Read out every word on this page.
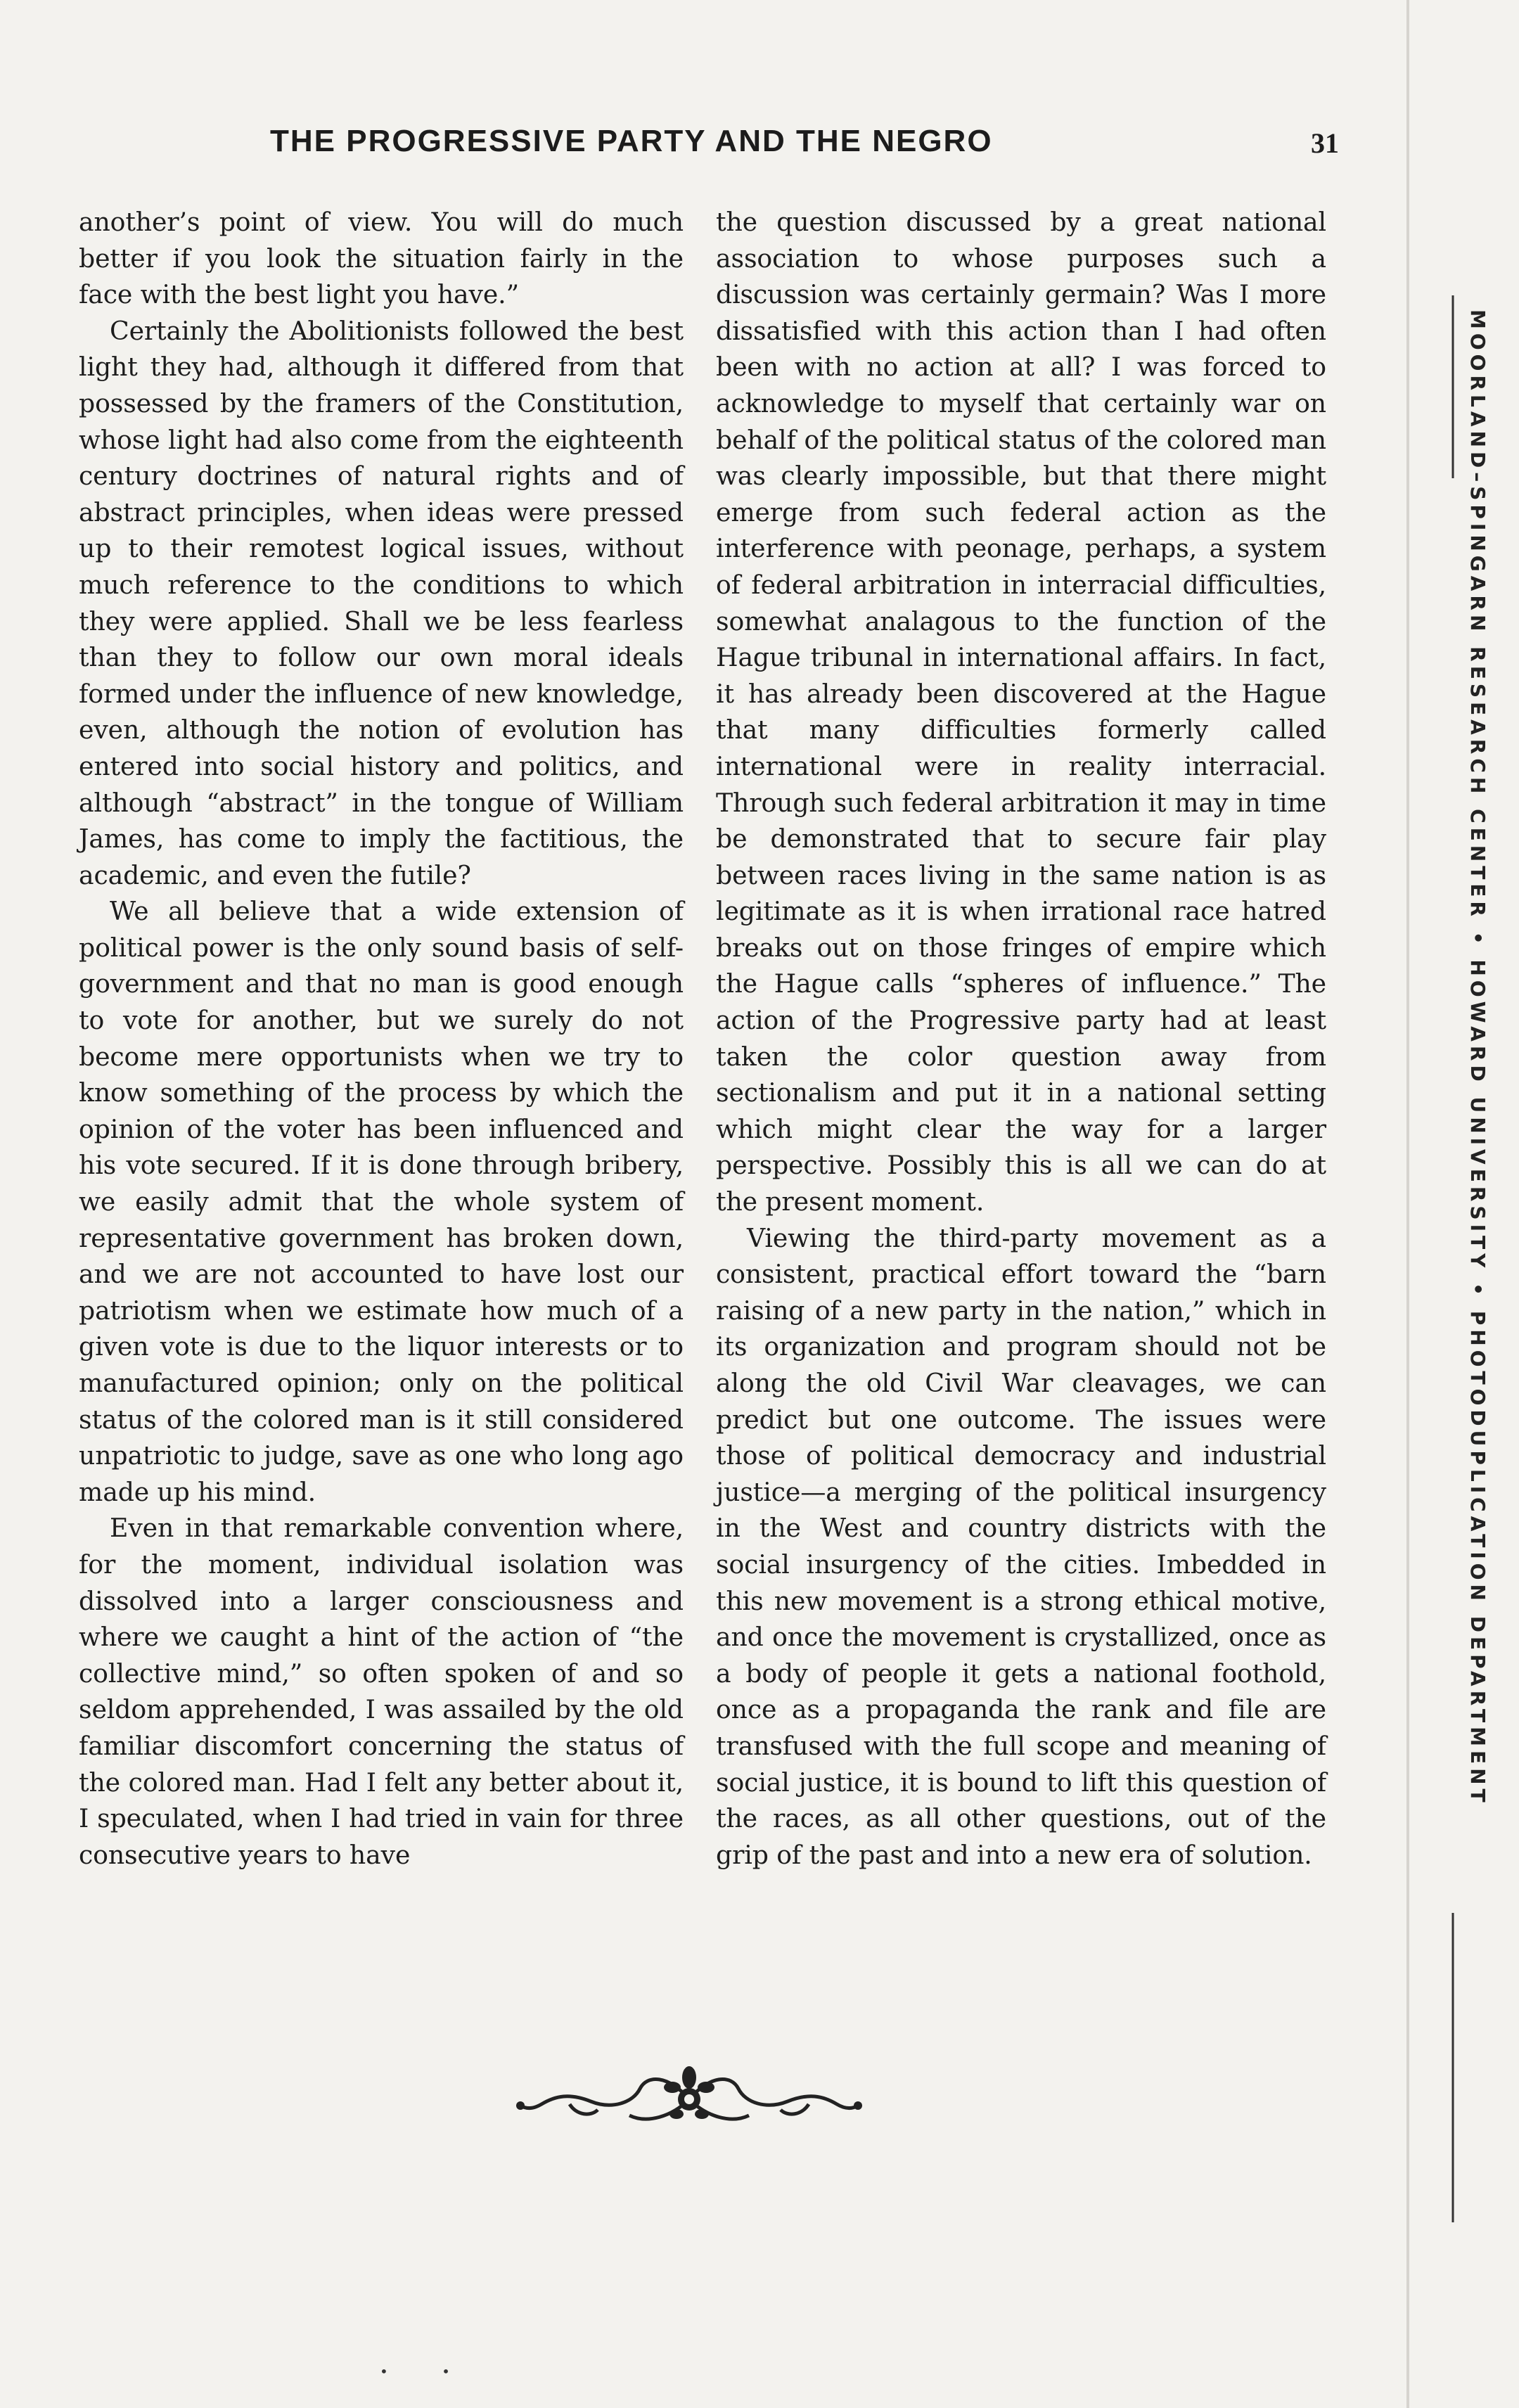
THE PROGRESSIVE PARTY AND THE NEGRO	31

another’s point of view. You will do much better if you look the situation fairly in the face with the best light you have.”

Certainly the Abolitionists followed the best light they had, although it differed from that possessed by the framers of the Constitution, whose light had also come from the eighteenth century doctrines of natural rights and of abstract principles, when ideas were pressed up to their remotest logical issues, without much reference to the conditions to which they were applied. Shall we be less fearless than they to follow our own moral ideals formed under the influence of new knowledge, even, although the notion of evolution has entered into social history and politics, and although “abstract” in the tongue of William James, has come to imply the factitious, the academic, and even the futile?

We all believe that a wide extension of political power is the only sound basis of self-government and that no man is good enough to vote for another, but we surely do not become mere opportunists when we try to know something of the process by which the opinion of the voter has been influenced and his vote secured. If it is done through bribery, we easily admit that the whole system of representative government has broken down, and we are not accounted to have lost our patriotism when we estimate how much of a given vote is due to the liquor interests or to manufactured opinion; only on the political status of the colored man is it still considered unpatriotic to judge, save as one who long ago made up his mind.

Even in that remarkable convention where, for the moment, individual isolation was dissolved into a larger consciousness and where we caught a hint of the action of “the collective mind,” so often spoken of and so seldom apprehended, I was assailed by the old familiar discomfort concerning the status of the colored man. Had I felt any better about it, I speculated, when I had tried in vain for three consecutive years to have

the question discussed by a great national association to whose purposes such a discussion was certainly germain? Was I more dissatisfied with this action than I had often been with no action at all? I was forced to acknowledge to myself that certainly war on behalf of the political status of the colored man was clearly impossible, but that there might emerge from such federal action as the interference with peonage, perhaps, a system of federal arbitration in interracial difficulties, somewhat analagous to the function of the Hague tribunal in international affairs. In fact, it has already been discovered at the Hague that many difficulties formerly called international were in reality interracial. Through such federal arbitration it may in time be demonstrated that to secure fair play between races living in the same nation is as legitimate as it is when irrational race hatred breaks out on those fringes of empire which the Hague calls “spheres of influence.” The action of the Progressive party had at least taken the color question away from sectionalism and put it in a national setting which might clear the way for a larger perspective. Possibly this is all we can do at the present moment.

Viewing the third-party movement as a consistent, practical effort toward the “barn raising of a new party in the nation,” which in its organization and program should not be along the old Civil War cleavages, we can predict but one outcome. The issues were those of political democracy and industrial justice—a merging of the political insurgency in the West and country districts with the social insurgency of the cities. Imbedded in this new movement is a strong ethical motive, and once the movement is crystallized, once as a body of people it gets a national foothold, once as a propaganda the rank and file are transfused with the full scope and meaning of social justice, it is bound to lift this question of the races, as all other questions, out of the grip of the past and into a new era of solution.

MOORLAND–SPINGARN RESEARCH CENTER • HOWARD UNIVERSITY • PHOTODUPLICATION DEPARTMENT
•            •
